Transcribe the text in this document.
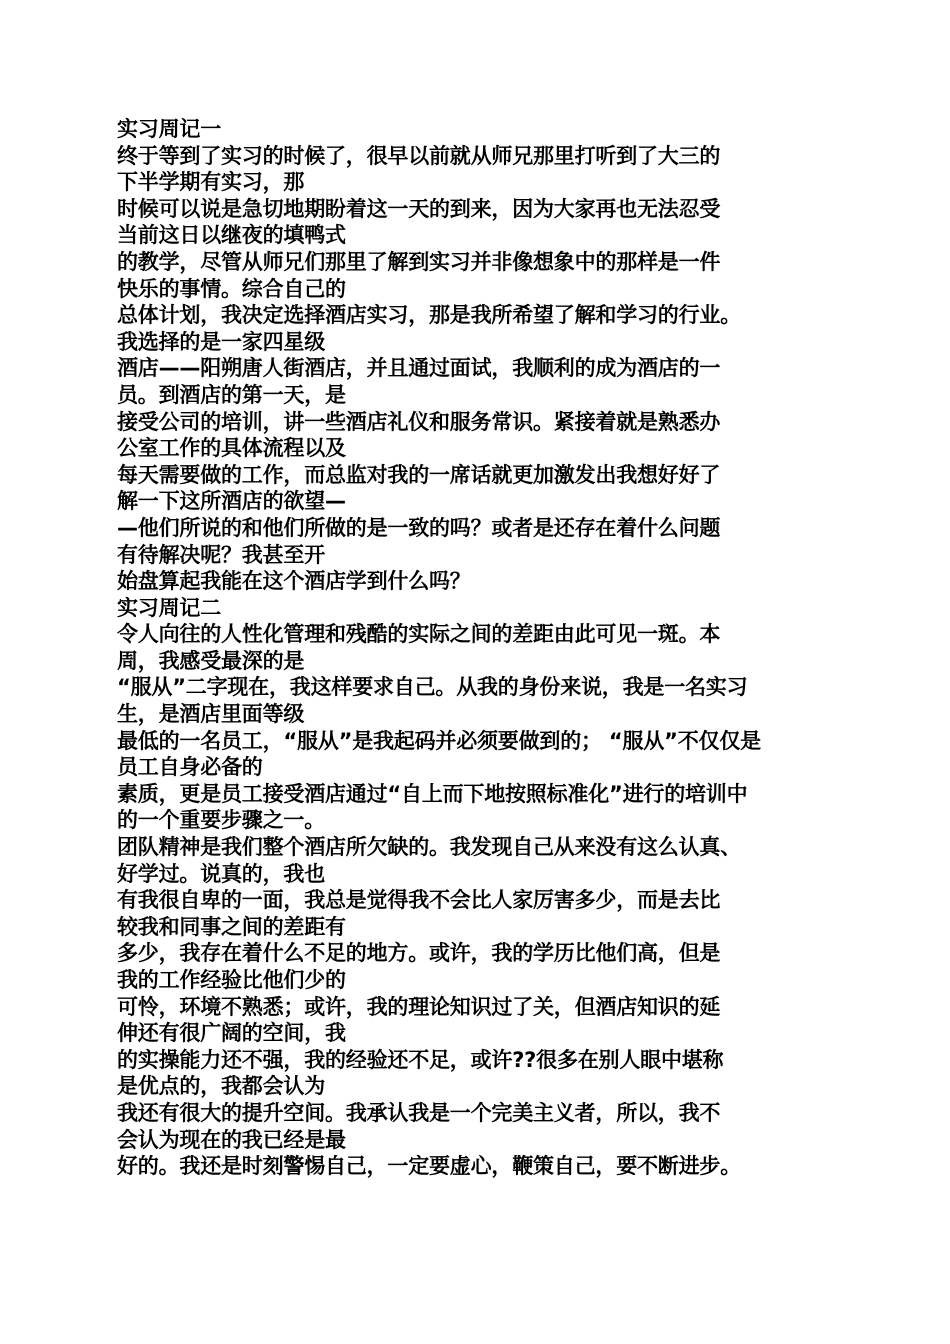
实习周记一

终于等到了实习的时候了，很早以前就从师兄那里打听到了大三的

下半学期有实习，那

时候可以说是急切地期盼着这一天的到来，因为大家再也无法忍受

当前这日以继夜的填鸭式

的教学，尽管从师兄们那里了解到实习并非像想象中的那样是一件

快乐的事情。综合自己的

总体计划，我决定选择酒店实习，那是我所希望了解和学习的行业。

我选择的是一家四星级

酒店——阳朔唐人街酒店，并且通过面试，我顺利的成为酒店的一

员。到酒店的第一天，是

接受公司的培训，讲一些酒店礼仪和服务常识。紧接着就是熟悉办

公室工作的具体流程以及

每天需要做的工作，而总监对我的一席话就更加激发出我想好好了

解一下这所酒店的欲望—

—他们所说的和他们所做的是一致的吗？或者是还存在着什么问题

有待解决呢？我甚至开

始盘算起我能在这个酒店学到什么吗？

实习周记二

令人向往的人性化管理和残酷的实际之间的差距由此可见一斑。本

周，我感受最深的是

“服从”二字现在，我这样要求自己。从我的身份来说，我是一名实习

生，是酒店里面等级

最低的一名员工，“服从”是我起码并必须要做到的； “服从”不仅仅是

员工自身必备的

素质，更是员工接受酒店通过“自上而下地按照标准化”进行的培训中

的一个重要步骤之一。

团队精神是我们整个酒店所欠缺的。我发现自己从来没有这么认真、

好学过。说真的，我也

有我很自卑的一面，我总是觉得我不会比人家厉害多少，而是去比

较我和同事之间的差距有

多少，我存在着什么不足的地方。或许，我的学历比他们高，但是

我的工作经验比他们少的

可怜，环境不熟悉；或许，我的理论知识过了关，但酒店知识的延

伸还有很广阔的空间，我

的实操能力还不强，我的经验还不足，或许??很多在别人眼中堪称

是优点的，我都会认为

我还有很大的提升空间。我承认我是一个完美主义者，所以，我不

会认为现在的我已经是最

好的。我还是时刻警惕自己，一定要虚心，鞭策自己，要不断进步。
